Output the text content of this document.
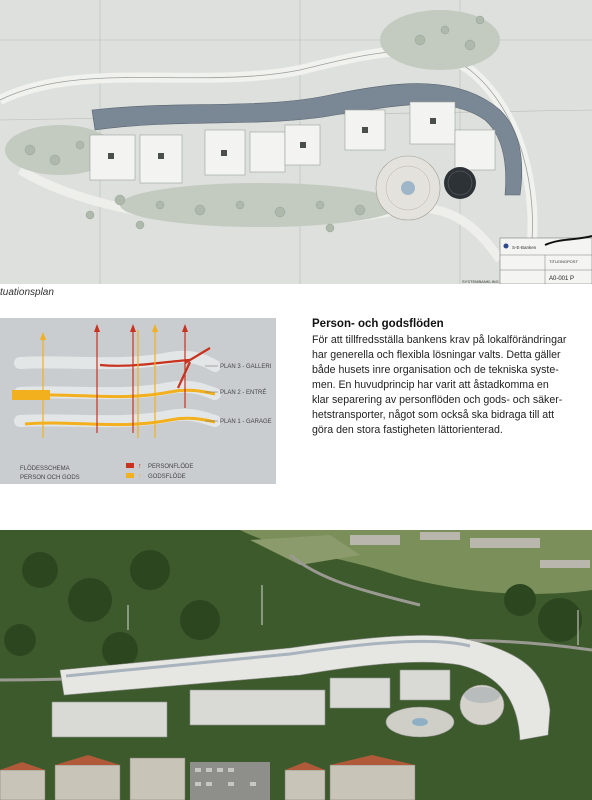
S-E-Banken
TITLEINGPOST
SYSTEMBANKLING	A0-001 P
tuationsplan
PLAN 3 - GALLERI
PLAN 2 - ENTRÉ
PLAN 1 - GARAGE
FLÖDESSCHEMA
PERSON OCH GODS
↑ PERSONFLÖDE
↑ GODSFLÖDE
Person- och godsflöden
För att tillfredsställa bankens krav på lokalförändringar
har generella och flexibla lösningar valts. Detta gäller
både husets inre organisation och de tekniska syste-
men. En huvudprincip har varit att åstadkomma en
klar separering av personflöden och gods- och säker-
hetstransporter, något som också ska bidraga till att
göra den stora fastigheten lättorienterad.
